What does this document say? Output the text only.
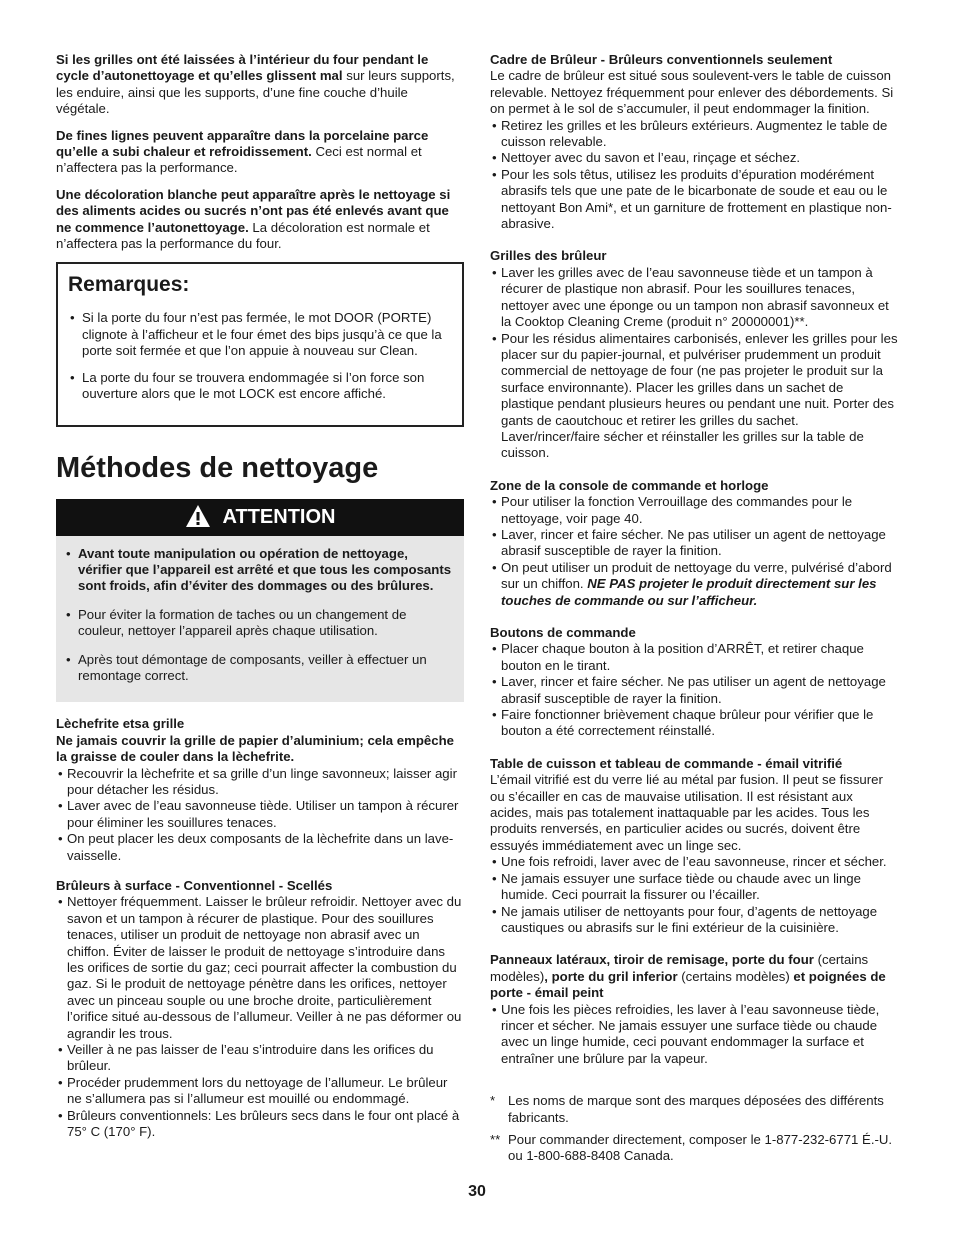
Si les grilles ont été laissées à l’intérieur du four pendant le cycle d’autonettoyage et qu’elles glissent mal sur leurs supports, les enduire, ainsi que les supports, d’une fine couche d’huile végétale.

De fines lignes peuvent apparaître dans la porcelaine parce qu’elle a subi chaleur et refroidissement. Ceci est normal et n’affectera pas la performance.

Une décoloration blanche peut apparaître après le nettoyage si des aliments acides ou sucrés n’ont pas été enlevés avant que ne commence l’autonettoyage. La décoloration est normale et n’affectera pas la performance du four.

Remarques:
• Si la porte du four n’est pas fermée, le mot DOOR (PORTE) clignote à l’afficheur et le four émet des bips jusqu’à ce que la porte soit fermée et que l’on appuie à nouveau sur Clean.
• La porte du four se trouvera endommagée si l’on force son ouverture alors que le mot LOCK est encore affiché.
Méthodes de nettoyage
ATTENTION
• Avant toute manipulation ou opération de nettoyage, vérifier que l’appareil est arrêté et que tous les composants sont froids, afin d’éviter des dommages ou des brûlures.
• Pour éviter la formation de taches ou un changement de couleur, nettoyer l’appareil après chaque utilisation.
• Après tout démontage de composants, veiller à effectuer un remontage correct.

Lèchefrite etsa grille

Ne jamais couvrir la grille de papier d’aluminium; cela empêche la graisse de couler dans la lèchefrite.

• Recouvrir la lèchefrite et sa grille d’un linge savonneux; laisser agir pour détacher les résidus.
• Laver avec de l’eau savonneuse tiède. Utiliser un tampon à récurer pour éliminer les souillures tenaces.
• On peut placer les deux composants de la lèchefrite dans un lave-vaisselle.

Brûleurs à surface - Conventionnel - Scellés

• Nettoyer fréquemment. Laisser le brûleur refroidir. Nettoyer avec du savon et un tampon à récurer de plastique. Pour des souillures tenaces, utiliser un produit de nettoyage non abrasif avec un chiffon. Éviter de laisser le produit de nettoyage s’introduire dans les orifices de sortie du gaz; ceci pourrait affecter la combustion du gaz. Si le produit de nettoyage pénètre dans les orifices, nettoyer avec un pinceau souple ou une broche droite, particulièrement l’orifice situé au-dessous de l’allumeur. Veiller à ne pas déformer ou agrandir les trous.
• Veiller à ne pas laisser de l’eau s’introduire dans les orifices du brûleur.
• Procéder prudemment lors du nettoyage de l’allumeur. Le brûleur ne s’allumera pas si l’allumeur est mouillé ou endommagé.
• Brûleurs conventionnels: Les brûleurs secs dans le four ont placé à 75° C (170° F).

Cadre de Brûleur - Brûleurs conventionnels seulement

Le cadre de brûleur est situé sous soulevent-vers le table de cuisson relevable. Nettoyez fréquemment pour enlever des débordements. Si on permet à le sol de s’accumuler, il peut endommager la finition.

• Retirez les grilles et les brûleurs extérieurs. Augmentez le table de cuisson relevable.
• Nettoyer avec du savon et l’eau, rinçage et séchez.
• Pour les sols têtus, utilisez les produits d’épuration modérément abrasifs tels que une pate de le bicarbonate de soude et eau ou le nettoyant Bon Ami*, et un garniture de frottement en plastique non-abrasive.

Grilles des brûleur

• Laver les grilles avec de l’eau savonneuse tiède et un tampon à récurer de plastique non abrasif. Pour les souillures tenaces, nettoyer avec une éponge ou un tampon non abrasif savonneux et la Cooktop Cleaning Creme (produit n° 20000001)**.
• Pour les résidus alimentaires carbonisés, enlever les grilles pour les placer sur du papier-journal, et pulvériser prudemment un produit commercial de nettoyage de four (ne pas projeter le produit sur la surface environnante). Placer les grilles dans un sachet de plastique pendant plusieurs heures ou pendant une nuit. Porter des gants de caoutchouc et retirer les grilles du sachet. Laver/rincer/faire sécher et réinstaller les grilles sur la table de cuisson.

Zone de la console de commande et horloge

• Pour utiliser la fonction Verrouillage des commandes pour le nettoyage, voir page 40.
• Laver, rincer et faire sécher. Ne pas utiliser un agent de nettoyage abrasif susceptible de rayer la finition.
• On peut utiliser un produit de nettoyage du verre, pulvérisé d’abord sur un chiffon. NE PAS projeter le produit directement sur les touches de commande ou sur l’afficheur.

Boutons de commande

• Placer chaque bouton à la position d’ARRÊT, et retirer chaque bouton en le tirant.
• Laver, rincer et faire sécher. Ne pas utiliser un agent de nettoyage abrasif susceptible de rayer la finition.
• Faire fonctionner brièvement chaque brûleur pour vérifier que le bouton a été correctement réinstallé.

Table de cuisson et tableau de commande - émail vitrifié

L’émail vitrifié est du verre lié au métal par fusion. Il peut se fissurer ou s’écailler en cas de mauvaise utilisation. Il est résistant aux acides, mais pas totalement inattaquable par les acides. Tous les produits renversés, en particulier acides ou sucrés, doivent être essuyés immédiatement avec un linge sec.

• Une fois refroidi, laver avec de l’eau savonneuse, rincer et sécher.
• Ne jamais essuyer une surface tiède ou chaude avec un linge humide. Ceci pourrait la fissurer ou l’écailler.
• Ne jamais utiliser de nettoyants pour four, d’agents de nettoyage caustiques ou abrasifs sur le fini extérieur de la cuisinière.

Panneaux latéraux, tiroir de remisage, porte du four (certains modèles), porte du gril inferior (certains modèles) et poignées de porte - émail peint

• Une fois les pièces refroidies, les laver à l’eau savonneuse tiède, rincer et sécher. Ne jamais essuyer une surface tiède ou chaude avec un linge humide, ceci pouvant endommager la surface et entraîner une brûlure par la vapeur.
* Les noms de marque sont des marques déposées des différents fabricants.
** Pour commander directement, composer le 1-877-232-6771 É.-U. ou 1-800-688-8408 Canada.
30
